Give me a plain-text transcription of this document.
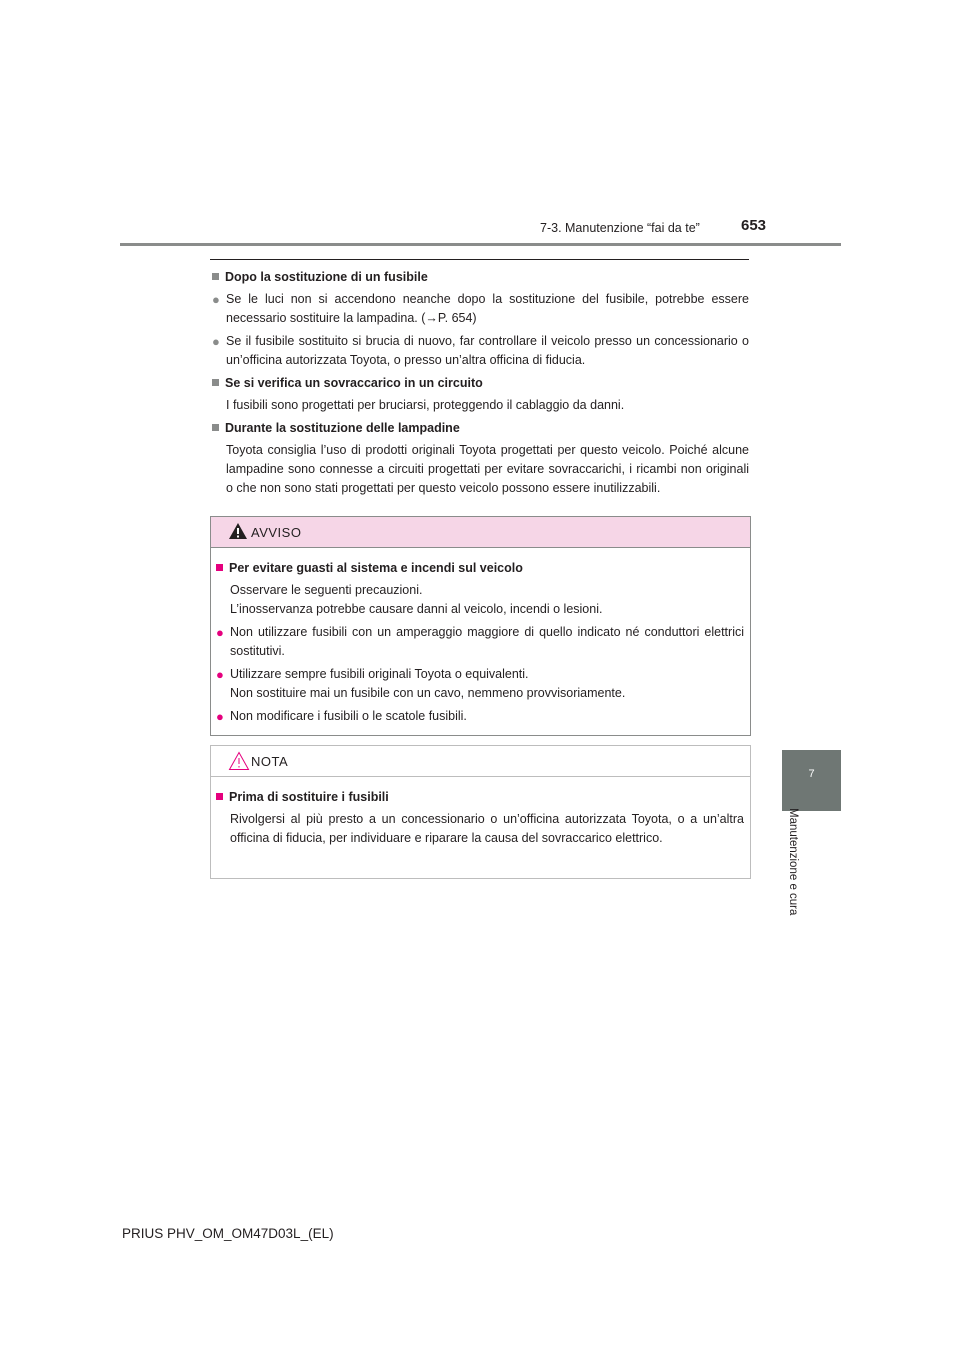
7-3. Manutenzione “fai da te”	653
7
Manutenzione e cura
Dopo la sostituzione di un fusibile
● Se le luci non si accendono neanche dopo la sostituzione del fusibile, potrebbe essere necessario sostituire la lampadina. (→P. 654)
● Se il fusibile sostituito si brucia di nuovo, far controllare il veicolo presso un concessionario o un’officina autorizzata Toyota, o presso un’altra officina di fiducia.
Se si verifica un sovraccarico in un circuito
I fusibili sono progettati per bruciarsi, proteggendo il cablaggio da danni.
Durante la sostituzione delle lampadine
Toyota consiglia l’uso di prodotti originali Toyota progettati per questo veicolo. Poiché alcune lampadine sono connesse a circuiti progettati per evitare sovraccarichi, i ricambi non originali o che non sono stati progettati per questo veicolo possono essere inutilizzabili.
AVVISO
Per evitare guasti al sistema e incendi sul veicolo
Osservare le seguenti precauzioni.
L’inosservanza potrebbe causare danni al veicolo, incendi o lesioni.
● Non utilizzare fusibili con un amperaggio maggiore di quello indicato né conduttori elettrici sostitutivi.
● Utilizzare sempre fusibili originali Toyota o equivalenti.
Non sostituire mai un fusibile con un cavo, nemmeno provvisoriamente.
● Non modificare i fusibili o le scatole fusibili.
NOTA
Prima di sostituire i fusibili
Rivolgersi al più presto a un concessionario o un’officina autorizzata Toyota, o a un’altra officina di fiducia, per individuare e riparare la causa del sovraccarico elettrico.
PRIUS PHV_OM_OM47D03L_(EL)
